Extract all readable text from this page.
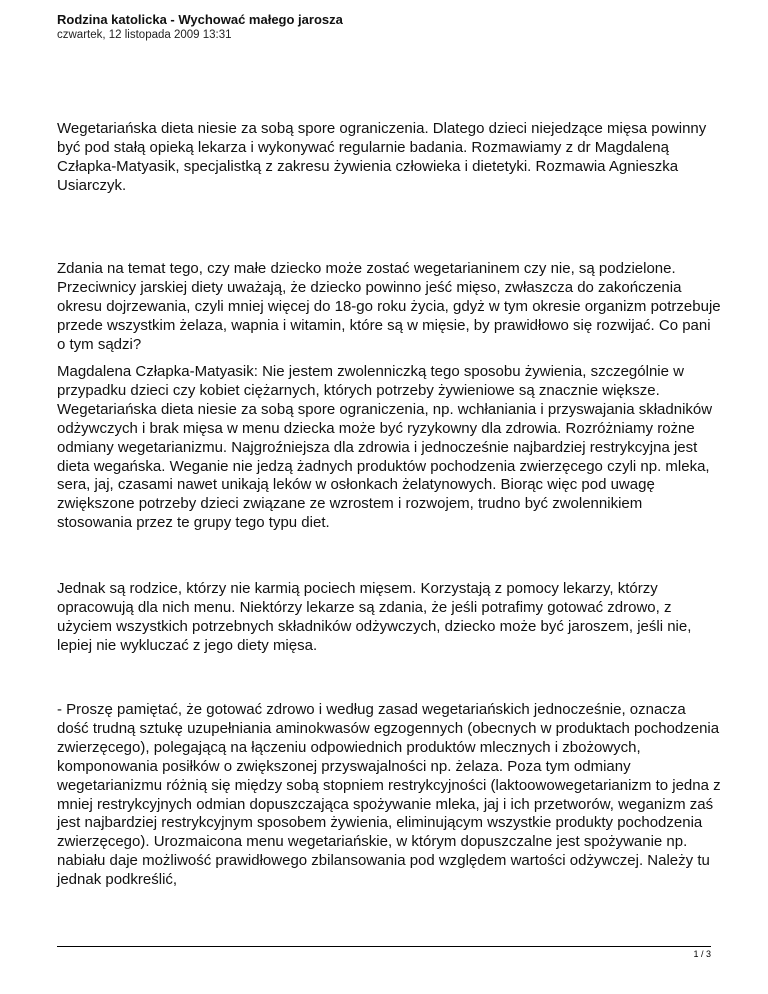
Rodzina katolicka - Wychować małego jarosza

czwartek, 12 listopada 2009 13:31

Wegetariańska dieta niesie za sobą spore ograniczenia. Dlatego dzieci niejedzące mięsa powinny być pod stałą opieką lekarza i wykonywać regularnie badania. Rozmawiamy z dr Magdaleną Człapka-Matyasik, specjalistką z zakresu żywienia człowieka i dietetyki. Rozmawia Agnieszka Usiarczyk.

Zdania na temat tego, czy małe dziecko może zostać wegetarianinem czy nie, są podzielone. Przeciwnicy jarskiej diety uważają, że dziecko powinno jeść mięso, zwłaszcza do zakończenia okresu dojrzewania, czyli mniej więcej do 18-go roku życia, gdyż w tym okresie organizm potrzebuje przede wszystkim żelaza, wapnia i witamin, które są w mięsie, by prawidłowo się rozwijać. Co pani o tym sądzi?

Magdalena Człapka-Matyasik: Nie jestem zwolenniczką tego sposobu żywienia, szczególnie w przypadku dzieci czy kobiet ciężarnych, których potrzeby żywieniowe są znacznie większe. Wegetariańska dieta niesie za sobą spore ograniczenia, np. wchłaniania i przyswajania składników odżywczych i brak mięsa w menu dziecka może być ryzykowny dla zdrowia. Rozróżniamy rożne odmiany wegetarianizmu. Najgroźniejsza dla zdrowia i jednocześnie najbardziej restrykcyjna jest dieta wegańska. Weganie nie jedzą żadnych produktów pochodzenia zwierzęcego czyli np. mleka, sera, jaj, czasami nawet unikają leków w osłonkach żelatynowych. Biorąc więc pod uwagę zwiększone potrzeby dzieci związane ze wzrostem i rozwojem, trudno być zwolennikiem stosowania przez te grupy tego typu diet.

Jednak są rodzice, którzy nie karmią pociech mięsem. Korzystają z pomocy lekarzy, którzy opracowują dla nich menu. Niektórzy lekarze są zdania, że jeśli potrafimy gotować zdrowo, z użyciem wszystkich potrzebnych składników odżywczych, dziecko może być jaroszem, jeśli nie, lepiej nie wykluczać z jego diety mięsa.

- Proszę pamiętać, że gotować zdrowo i według zasad wegetariańskich jednocześnie, oznacza dość trudną sztukę uzupełniania aminokwasów egzogennych (obecnych w produktach pochodzenia zwierzęcego), polegającą na łączeniu odpowiednich produktów mlecznych i zbożowych, komponowania posiłków o zwiększonej przyswajalności np. żelaza. Poza tym odmiany wegetarianizmu różnią się między sobą stopniem restrykcyjności (laktoowowegetarianizm to jedna z mniej restrykcyjnych odmian dopuszczająca spożywanie mleka, jaj i ich przetworów, weganizm zaś jest najbardziej restrykcyjnym sposobem żywienia, eliminującym wszystkie produkty pochodzenia zwierzęcego). Urozmaicona menu wegetariańskie, w którym dopuszczalne jest spożywanie np. nabiału daje możliwość prawidłowego zbilansowania pod względem wartości odżywczej. Należy tu jednak podkreślić,

1 / 3
